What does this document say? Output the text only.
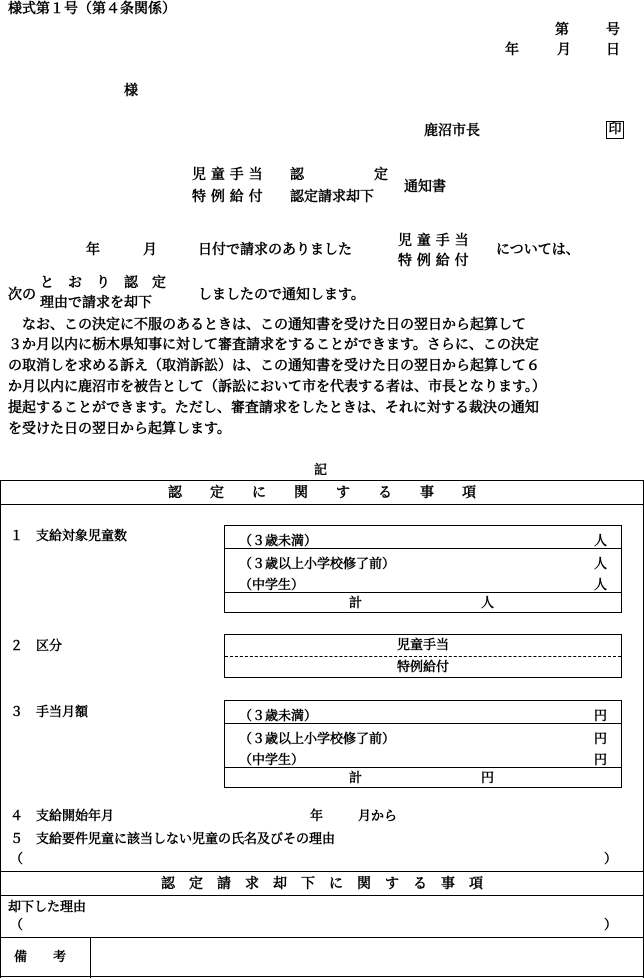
様式第１号（第４条関係）
第	号
年	月	日
様
鹿沼市長	印
児 童 手 当 認	定
特 例 給 付 認定請求却下
通知書
年	月	日付で請求のありました
児 童 手 当
特 例 給 付
については、
次の
と　お　り　認　定
理由で請求を却下	しましたので通知します。
　なお、この決定に不服のあるときは、この通知書を受けた日の翌日から起算して
３か月以内に栃木県知事に対して審査請求をすることができます。さらに、この決定
の取消しを求める訴え（取消訴訟）は、この通知書を受けた日の翌日から起算して６
か月以内に鹿沼市を被告として（訴訟において市を代表する者は、市長となります。）
提起することができます。ただし、審査請求をしたときは、それに対する裁決の通知
を受けた日の翌日から起算します。
記
認　　定　　に　　関　　す　　る　　事　　項
１　支給対象児童数	（３歳未満）	人
（３歳以上小学校修了前）	人
（中学生）	人
計	人
２　区分	児童手当
特例給付
３　手当月額	（３歳未満）	円
（３歳以上小学校修了前）	円
（中学生）	円
計	円
４　支給開始年月	年	月から
５　支給要件児童に該当しない児童の氏名及びその理由
（	）
認　定　請　求　却　下　に　関　す　る　事　項
却下した理由
（	）
備　　考
